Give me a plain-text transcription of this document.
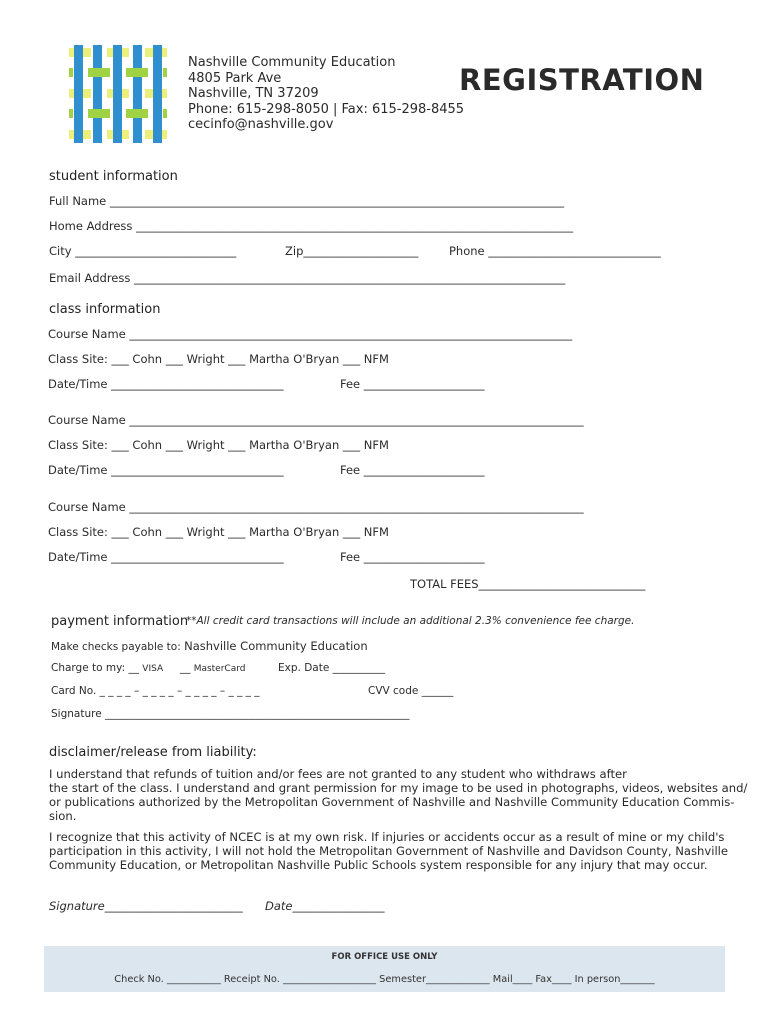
Nashville Community Education
4805 Park Ave
Nashville, TN 37209
Phone: 615-298-8050 | Fax: 615-298-8455
cecinfo@nashville.gov
REGISTRATION
student information
Full Name _______________________________________________________________________________
Home Address ____________________________________________________________________________
City ____________________________	Zip____________________	Phone ______________________________
Email Address ___________________________________________________________________________
class information
Course Name _____________________________________________________________________________
Class Site: ___ Cohn ___ Wright ___ Martha O'Bryan ___ NFM
Date/Time ______________________________	Fee _____________________
Course Name _______________________________________________________________________________
Class Site: ___ Cohn ___ Wright ___ Martha O'Bryan ___ NFM
Date/Time ______________________________	Fee _____________________
Course Name _______________________________________________________________________________
Class Site: ___ Cohn ___ Wright ___ Martha O'Bryan ___ NFM
Date/Time ______________________________	Fee _____________________
TOTAL FEES_____________________________
payment information
**All credit card transactions will include an additional 2.3% convenience fee charge.
Make checks payable to: Nashville Community Education
Charge to my: __ VISA __ MasterCard	Exp. Date __________
Card No. _ _ _ _ – _ _ _ _ – _ _ _ _ – _ _ _ _	CVV code ______
Signature __________________________________________________________
disclaimer/release from liability:
I understand that refunds of tuition and/or fees are not granted to any student who withdraws after
the start of the class. I understand and grant permission for my image to be used in photographs, videos, websites and/
or publications authorized by the Metropolitan Government of Nashville and Nashville Community Education Commis-
sion.
I recognize that this activity of NCEC is at my own risk. If injuries or accidents occur as a result of mine or my child's
participation in this activity, I will not hold the Metropolitan Government of Nashville and Davidson County, Nashville
Community Education, or Metropolitan Nashville Public Schools system responsible for any injury that may occur.
Signature________________________ Date________________
FOR OFFICE USE ONLY
Check No. ___________ Receipt No. ___________________ Semester_____________ Mail____ Fax____ In person_______
